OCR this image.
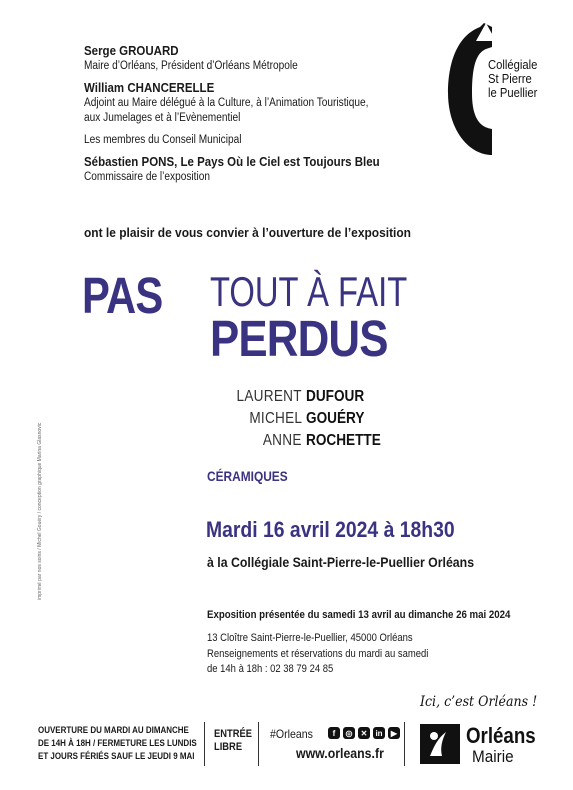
Serge GROUARD
Maire d’Orléans, Président d’Orléans Métropole
William CHANCERELLE
Adjoint au Maire délégué à la Culture, à l’Animation Touristique,
aux Jumelages et à l’Evènementiel
Les membres du Conseil Municipal
Sébastien PONS, Le Pays Où le Ciel est Toujours Bleu
Commissaire de l’exposition
Collégiale
St Pierre
le Puellier
ont le plaisir de vous convier à l’ouverture de l’exposition
PAS TOUT À FAIT
PERDUS
LAURENT DUFOUR
MICHEL GOUÉRY
ANNE ROCHETTE
CÉRAMIQUES
Mardi 16 avril 2024 à 18h30
à la Collégiale Saint-Pierre-le-Puellier Orléans
Exposition présentée du samedi 13 avril au dimanche 26 mai 2024
13 Cloître Saint-Pierre-le-Puellier, 45000 Orléans
Renseignements et réservations du mardi au samedi
de 14h à 18h : 02 38 79 24 85
imprimé par nos soins / Michel Gouéry / conception graphique Marina Glasnovic
Ici, c’est Orléans !
OUVERTURE DU MARDI AU DIMANCHE
DE 14H À 18H / FERMETURE LES LUNDIS
ET JOURS FÉRIÉS SAUF LE JEUDI 9 MAI
ENTRÉE
LIBRE
#Orleans	f	◎	✕	in	▶
www.orleans.fr
Orléans
Mairie
